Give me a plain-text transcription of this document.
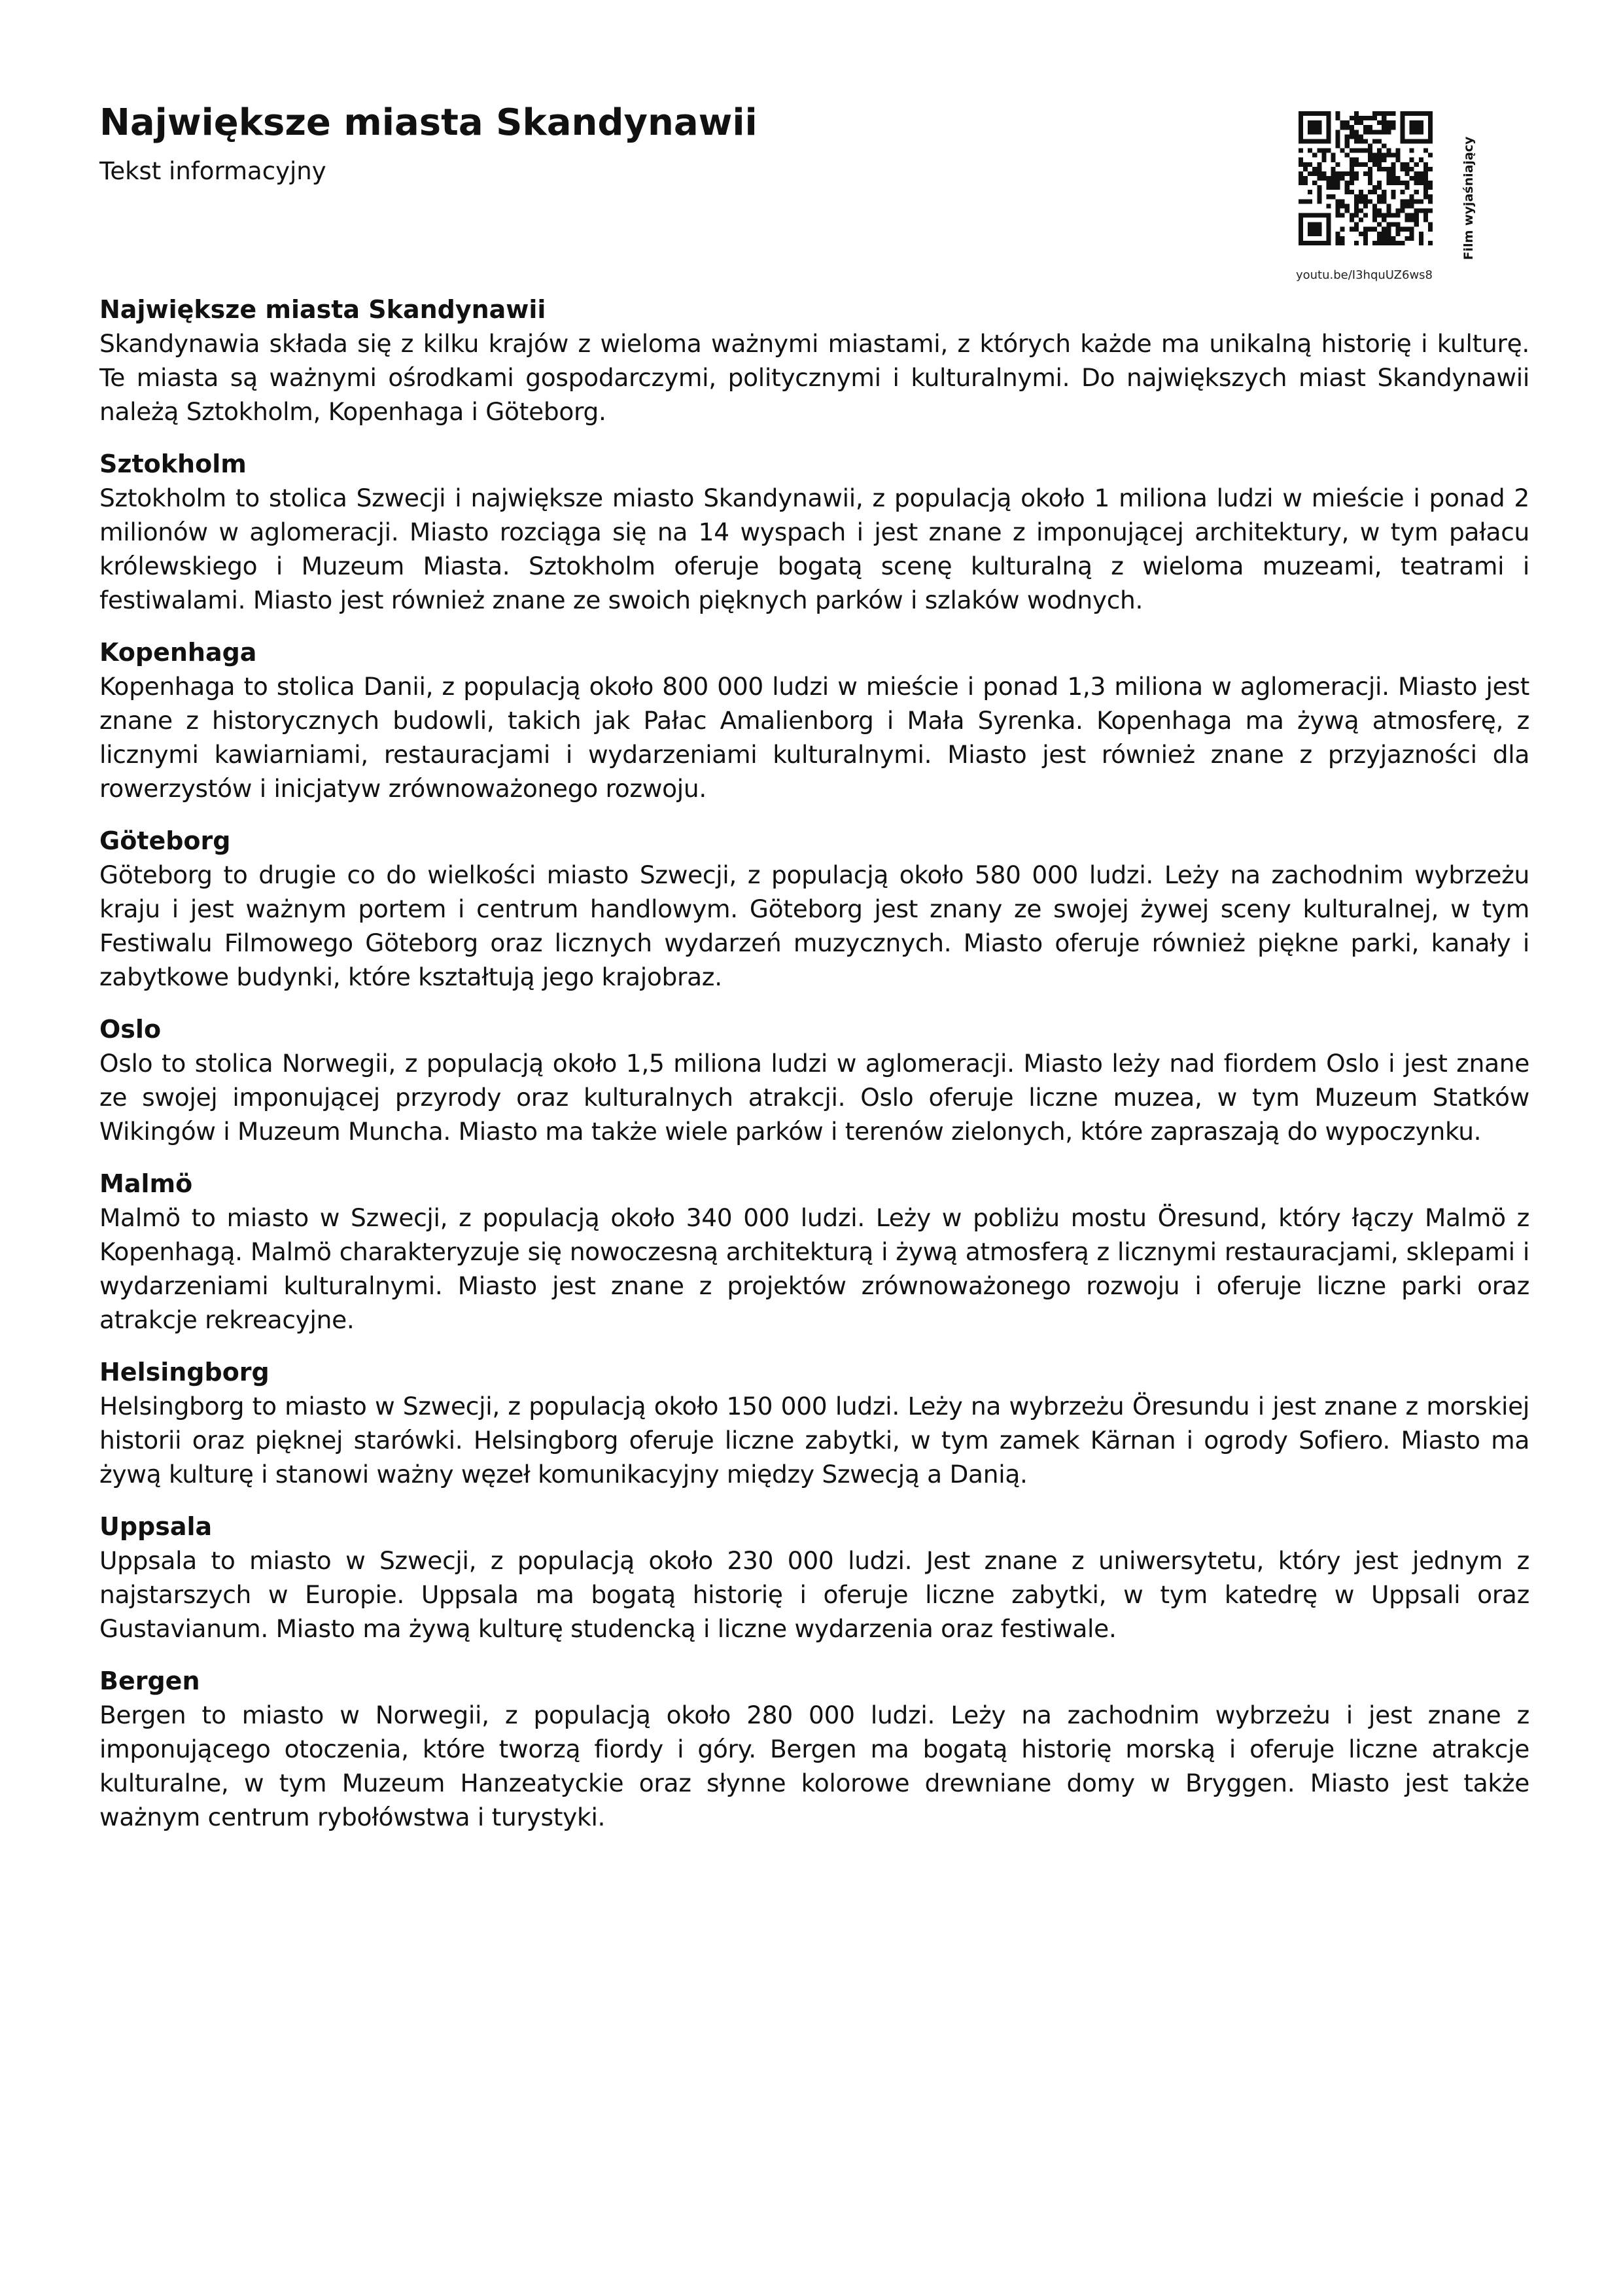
Największe miasta Skandynawii

Tekst informacyjny

youtu.be/I3hquUZ6ws8
Film wyjaśniający
Największe miasta Skandynawii

Skandynawia składa się z kilku krajów z wieloma ważnymi miastami, z których każde ma unikalną historię i kulturę. Te miasta są ważnymi ośrodkami gospodarczymi, politycznymi i kulturalnymi. Do największych miast Skandynawii należą Sztokholm, Kopenhaga i Göteborg.

Sztokholm

Sztokholm to stolica Szwecji i największe miasto Skandynawii, z populacją około 1 miliona ludzi w mieście i ponad 2 milionów w aglomeracji. Miasto rozciąga się na 14 wyspach i jest znane z imponującej architektury, w tym pałacu królewskiego i Muzeum Miasta. Sztokholm oferuje bogatą scenę kulturalną z wieloma muzeami, teatrami i festiwalami. Miasto jest również znane ze swoich pięknych parków i szlaków wodnych.

Kopenhaga

Kopenhaga to stolica Danii, z populacją około 800 000 ludzi w mieście i ponad 1,3 miliona w aglomeracji. Miasto jest znane z historycznych budowli, takich jak Pałac Amalienborg i Mała Syrenka. Kopenhaga ma żywą atmosferę, z licznymi kawiarniami, restauracjami i wydarzeniami kulturalnymi. Miasto jest również znane z przyjazności dla rowerzystów i inicjatyw zrównoważonego rozwoju.

Göteborg

Göteborg to drugie co do wielkości miasto Szwecji, z populacją około 580 000 ludzi. Leży na zachodnim wybrzeżu kraju i jest ważnym portem i centrum handlowym. Göteborg jest znany ze swojej żywej sceny kulturalnej, w tym Festiwalu Filmowego Göteborg oraz licznych wydarzeń muzycznych. Miasto oferuje również piękne parki, kanały i zabytkowe budynki, które kształtują jego krajobraz.

Oslo

Oslo to stolica Norwegii, z populacją około 1,5 miliona ludzi w aglomeracji. Miasto leży nad fiordem Oslo i jest znane ze swojej imponującej przyrody oraz kulturalnych atrakcji. Oslo oferuje liczne muzea, w tym Muzeum Statków Wikingów i Muzeum Muncha. Miasto ma także wiele parków i terenów zielonych, które zapraszają do wypoczynku.

Malmö

Malmö to miasto w Szwecji, z populacją około 340 000 ludzi. Leży w pobliżu mostu Öresund, który łączy Malmö z Kopenhagą. Malmö charakteryzuje się nowoczesną architekturą i żywą atmosferą z licznymi restauracjami, sklepami i wydarzeniami kulturalnymi. Miasto jest znane z projektów zrównoważonego rozwoju i oferuje liczne parki oraz atrakcje rekreacyjne.

Helsingborg

Helsingborg to miasto w Szwecji, z populacją około 150 000 ludzi. Leży na wybrzeżu Öresundu i jest znane z morskiej historii oraz pięknej starówki. Helsingborg oferuje liczne zabytki, w tym zamek Kärnan i ogrody Sofiero. Miasto ma żywą kulturę i stanowi ważny węzeł komunikacyjny między Szwecją a Danią.

Uppsala

Uppsala to miasto w Szwecji, z populacją około 230 000 ludzi. Jest znane z uniwersytetu, który jest jednym z najstarszych w Europie. Uppsala ma bogatą historię i oferuje liczne zabytki, w tym katedrę w Uppsali oraz Gustavianum. Miasto ma żywą kulturę studencką i liczne wydarzenia oraz festiwale.

Bergen

Bergen to miasto w Norwegii, z populacją około 280 000 ludzi. Leży na zachodnim wybrzeżu i jest znane z imponującego otoczenia, które tworzą fiordy i góry. Bergen ma bogatą historię morską i oferuje liczne atrakcje kulturalne, w tym Muzeum Hanzeatyckie oraz słynne kolorowe drewniane domy w Bryggen. Miasto jest także ważnym centrum rybołówstwa i turystyki.
